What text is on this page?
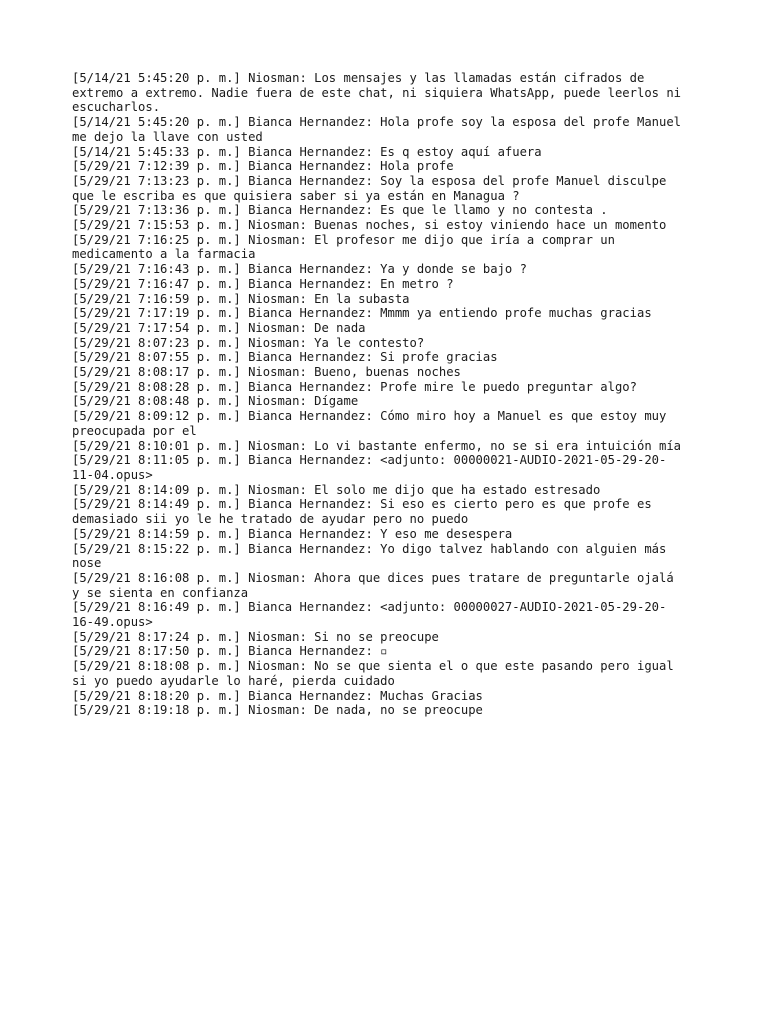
[5/14/21 5:45:20 p. m.] Niosman: Los mensajes y las llamadas están cifrados de
extremo a extremo. Nadie fuera de este chat, ni siquiera WhatsApp, puede leerlos ni
escucharlos.

[5/14/21 5:45:20 p. m.] Bianca Hernandez: Hola profe soy la esposa del profe Manuel
me dejo la llave con usted

[5/14/21 5:45:33 p. m.] Bianca Hernandez: Es q estoy aquí afuera

[5/29/21 7:12:39 p. m.] Bianca Hernandez: Hola profe

[5/29/21 7:13:23 p. m.] Bianca Hernandez: Soy la esposa del profe Manuel disculpe
que le escriba es que quisiera saber si ya están en Managua ?

[5/29/21 7:13:36 p. m.] Bianca Hernandez: Es que le llamo y no contesta .

[5/29/21 7:15:53 p. m.] Niosman: Buenas noches, si estoy viniendo hace un momento

[5/29/21 7:16:25 p. m.] Niosman: El profesor me dijo que iría a comprar un
medicamento a la farmacia

[5/29/21 7:16:43 p. m.] Bianca Hernandez: Ya y donde se bajo ?

[5/29/21 7:16:47 p. m.] Bianca Hernandez: En metro ?

[5/29/21 7:16:59 p. m.] Niosman: En la subasta

[5/29/21 7:17:19 p. m.] Bianca Hernandez: Mmmm ya entiendo profe muchas gracias

[5/29/21 7:17:54 p. m.] Niosman: De nada

[5/29/21 8:07:23 p. m.] Niosman: Ya le contesto?

[5/29/21 8:07:55 p. m.] Bianca Hernandez: Si profe gracias

[5/29/21 8:08:17 p. m.] Niosman: Bueno, buenas noches

[5/29/21 8:08:28 p. m.] Bianca Hernandez: Profe mire le puedo preguntar algo?

[5/29/21 8:08:48 p. m.] Niosman: Dígame

[5/29/21 8:09:12 p. m.] Bianca Hernandez: Cómo miro hoy a Manuel es que estoy muy
preocupada por el

[5/29/21 8:10:01 p. m.] Niosman: Lo vi bastante enfermo, no se si era intuición mía

[5/29/21 8:11:05 p. m.] Bianca Hernandez: <adjunto: 00000021-AUDIO-2021-05-29-20-
11-04.opus>

[5/29/21 8:14:09 p. m.] Niosman: El solo me dijo que ha estado estresado

[5/29/21 8:14:49 p. m.] Bianca Hernandez: Si eso es cierto pero es que profe es
demasiado sii yo le he tratado de ayudar pero no puedo

[5/29/21 8:14:59 p. m.] Bianca Hernandez: Y eso me desespera

[5/29/21 8:15:22 p. m.] Bianca Hernandez: Yo digo talvez hablando con alguien más
nose

[5/29/21 8:16:08 p. m.] Niosman: Ahora que dices pues tratare de preguntarle ojalá
y se sienta en confianza

[5/29/21 8:16:49 p. m.] Bianca Hernandez: <adjunto: 00000027-AUDIO-2021-05-29-20-
16-49.opus>

[5/29/21 8:17:24 p. m.] Niosman: Si no se preocupe

[5/29/21 8:17:50 p. m.] Bianca Hernandez: ▫

[5/29/21 8:18:08 p. m.] Niosman: No se que sienta el o que este pasando pero igual
si yo puedo ayudarle lo haré, pierda cuidado

[5/29/21 8:18:20 p. m.] Bianca Hernandez: Muchas Gracias

[5/29/21 8:19:18 p. m.] Niosman: De nada, no se preocupe
